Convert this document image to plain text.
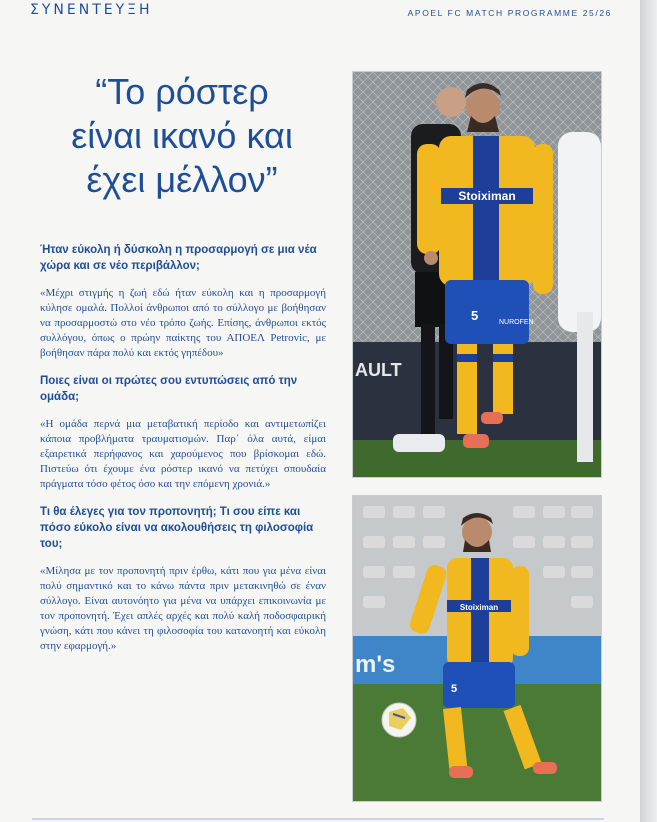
ΣΥΝΕΝΤΕΥΞΗ	APOEL FC MATCH PROGRAMME 25/26
“Το ρόστερ
είναι ικανό και
έχει μέλλον”

Ήταν εύκολη ή δύσκολη η προσαρμογή σε μια νέα χώρα και σε νέο περιβάλλον;

«Μέχρι στιγμής η ζωή εδώ ήταν εύκολη και η προσαρμογή κύλησε ομαλά. Πολλοί άνθρωποι από το σύλλογο με βοήθησαν να προσαρμοστώ στο νέο τρόπο ζωής. Επίσης, άνθρωποι εκτός συλλόγου, όπως ο πρώην παίκτης του ΑΠΟΕΛ Petrovic, με βοήθησαν πάρα πολύ και εκτός γηπέδου»

Ποιες είναι οι πρώτες σου εντυπώσεις από την ομάδα;

«Η ομάδα περνά μια μεταβατική περίοδο και αντιμετωπίζει κάποια προβλήματα τραυματισμών. Παρ᾽ όλα αυτά, είμαι εξαιρετικά περήφανος και χαρούμενος που βρίσκομαι εδώ. Πιστεύω ότι έχουμε ένα ρόστερ ικανό να πετύχει σπουδαία πράγματα τόσο φέτος όσο και την επόμενη χρονιά.»

Τι θα έλεγες για τον προπονητή; Τι σου είπε και πόσο εύκολο είναι να ακολουθήσεις τη φιλοσοφία του;

«Μίλησα με τον προπονητή πριν έρθω, κάτι που για μένα είναι πολύ σημαντικό και το κάνω πάντα πριν μετακινηθώ σε έναν σύλλογο. Είναι αυτονόητο για μένα να υπάρχει επικοινωνία με τον προπονητή. Έχει απλές αρχές και πολύ καλή ποδοσφαιρική γνώση, κάτι που κάνει τη φιλοσοφία του κατανοητή και εύκολη στην εφαρμογή.»

AULT
Stoiximan
5	NUROFEN
m's
Stoiximan
5
